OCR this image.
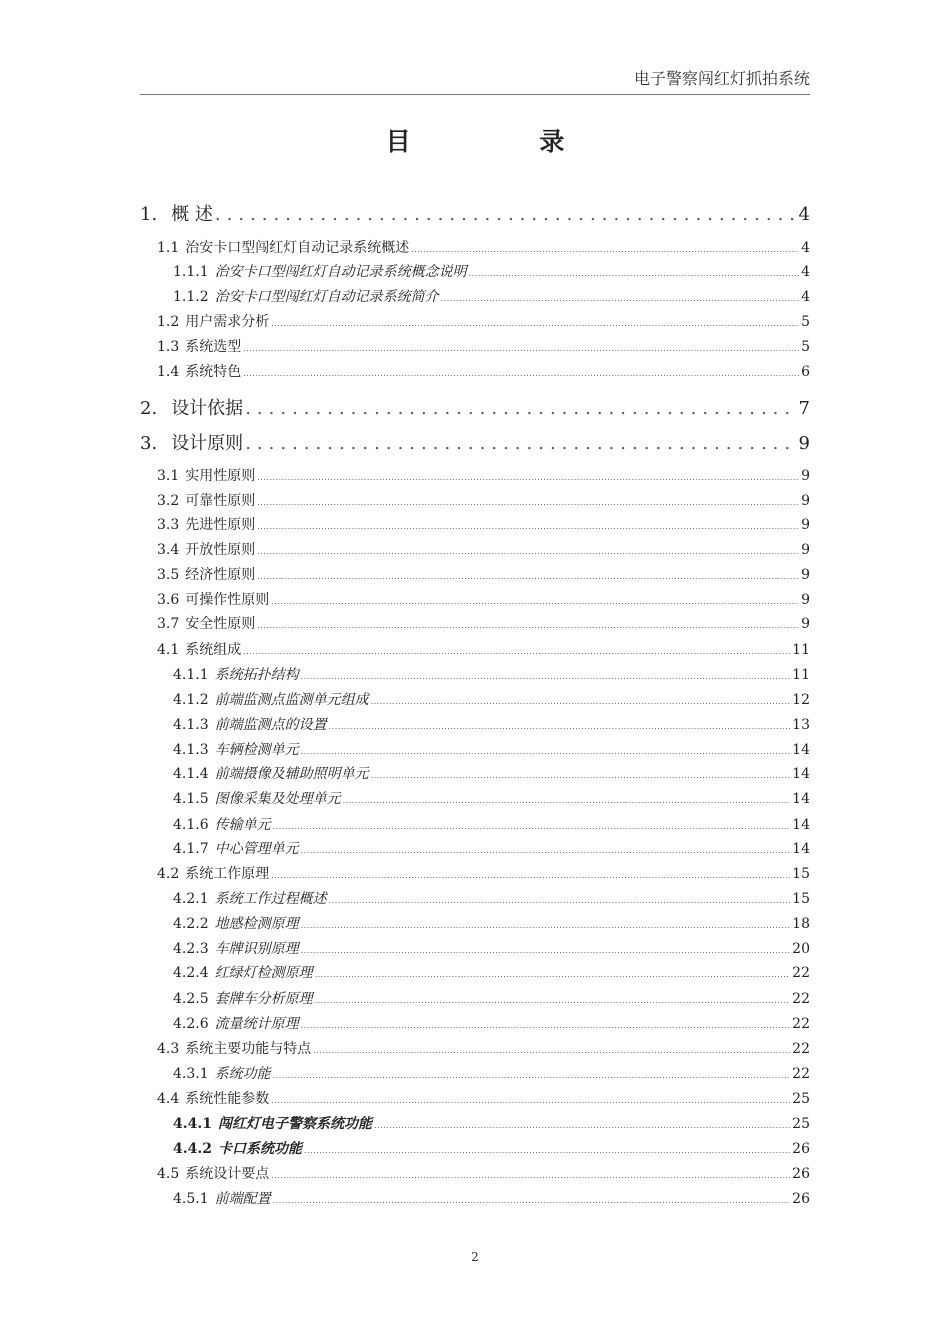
电子警察闯红灯抓拍系统
目 录
1. 概 述 .....	4
1.1 治安卡口型闯红灯自动记录系统概述 .....	4
1.1.1 治安卡口型闯红灯自动记录系统概念说明 .....	4
1.1.2 治安卡口型闯红灯自动记录系统简介 .....	4
1.2 用户需求分析 .....	5
1.3 系统选型 .....	5
1.4 系统特色 .....	6
2. 设计依据 .....	7
3. 设计原则 .....	9
3.1 实用性原则 .....	9
3.2 可靠性原则 .....	9
3.3 先进性原则 .....	9
3.4 开放性原则 .....	9
3.5 经济性原则 .....	9
3.6 可操作性原则 .....	9
3.7 安全性原则 .....	9
4.1 系统组成 .....	11
4.1.1 系统拓扑结构 .....	11
4.1.2 前端监测点监测单元组成 .....	12
4.1.3 前端监测点的设置 .....	13
4.1.3 车辆检测单元 .....	14
4.1.4 前端摄像及辅助照明单元 .....	14
4.1.5 图像采集及处理单元 .....	14
4.1.6 传输单元 .....	14
4.1.7 中心管理单元 .....	14
4.2 系统工作原理 .....	15
4.2.1 系统工作过程概述 .....	15
4.2.2 地感检测原理 .....	18
4.2.3 车牌识别原理 .....	20
4.2.4 红绿灯检测原理 .....	22
4.2.5 套牌车分析原理 .....	22
4.2.6 流量统计原理 .....	22
4.3 系统主要功能与特点 .....	22
4.3.1 系统功能 .....	22
4.4 系统性能参数 .....	25
4.4.1 闯红灯电子警察系统功能 .....	25
4.4.2 卡口系统功能 .....	26
4.5 系统设计要点 .....	26
4.5.1 前端配置 .....	26
2
